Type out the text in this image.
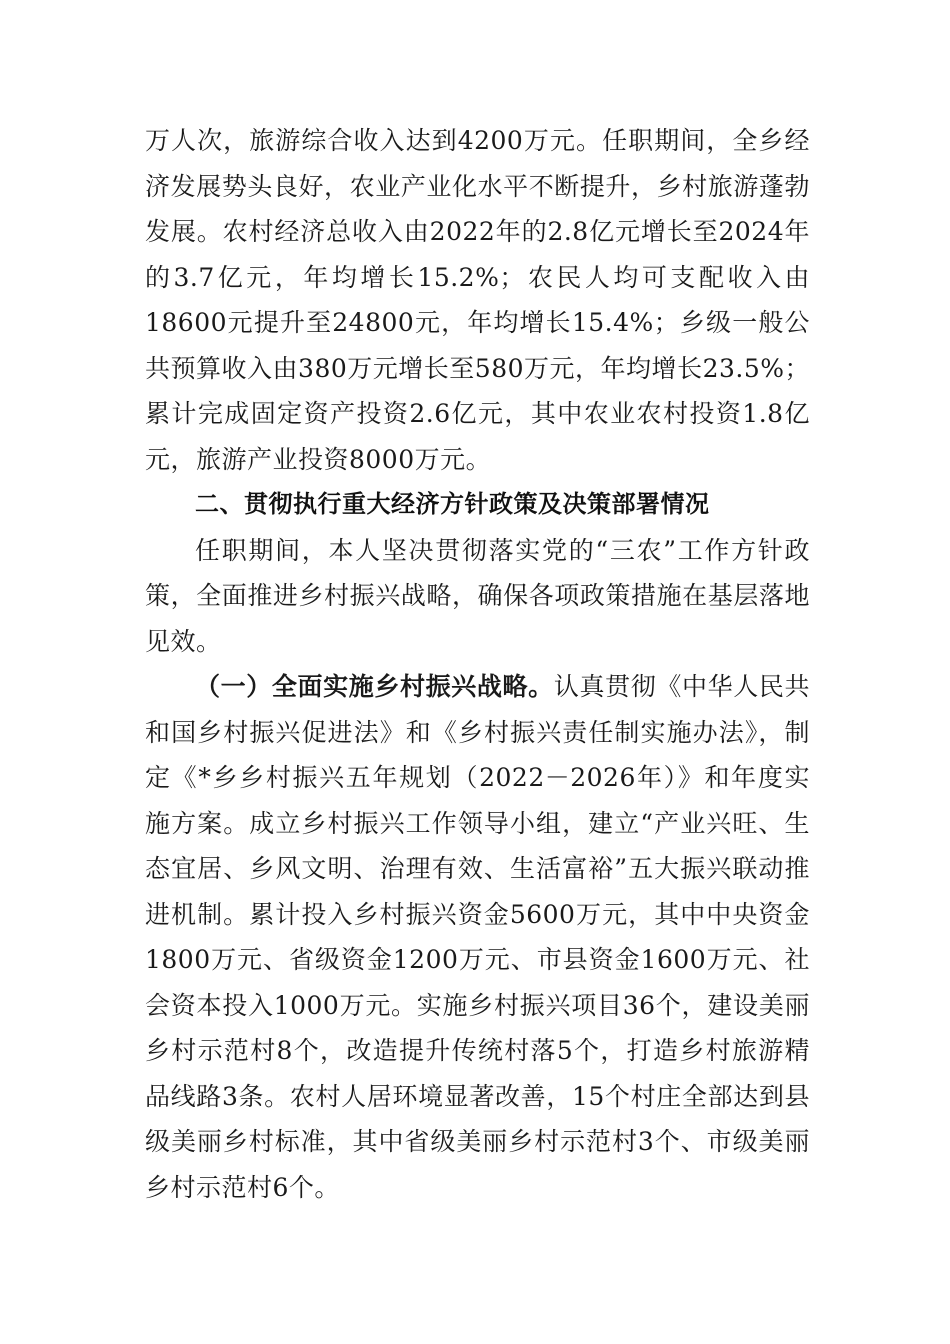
万人次，旅游综合收入达到4200万元。任职期间，全乡经济发展势头良好，农业产业化水平不断提升，乡村旅游蓬勃发展。农村经济总收入由2022年的2.8亿元增长至2024年的3.7亿元，年均增长15.2%；农民人均可支配收入由18600元提升至24800元，年均增长15.4%；乡级一般公共预算收入由380万元增长至580万元，年均增长23.5%；累计完成固定资产投资2.6亿元，其中农业农村投资1.8亿元，旅游产业投资8000万元。

二、贯彻执行重大经济方针政策及决策部署情况

任职期间，本人坚决贯彻落实党的“三农”工作方针政策，全面推进乡村振兴战略，确保各项政策措施在基层落地见效。

（一）全面实施乡村振兴战略。认真贯彻《中华人民共和国乡村振兴促进法》和《乡村振兴责任制实施办法》，制定《*乡乡村振兴五年规划（2022－2026年）》和年度实施方案。成立乡村振兴工作领导小组，建立“产业兴旺、生态宜居、乡风文明、治理有效、生活富裕”五大振兴联动推进机制。累计投入乡村振兴资金5600万元，其中中央资金1800万元、省级资金1200万元、市县资金1600万元、社会资本投入1000万元。实施乡村振兴项目36个，建设美丽乡村示范村8个，改造提升传统村落5个，打造乡村旅游精品线路3条。农村人居环境显著改善，15个村庄全部达到县级美丽乡村标准，其中省级美丽乡村示范村3个、市级美丽乡村示范村6个。
